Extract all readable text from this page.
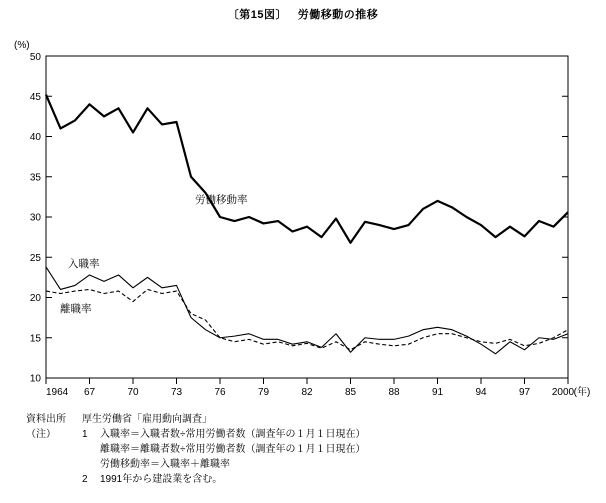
〔第15図〕 労働移動の推移
(%)
50
45
40
35
30
25
20
15
10
1964 67	70	73	76	79	82	85	88	91	94	97 2000 (年)
労働移動率
入職率
離職率
資料出所	厚生労働省「雇用動向調査」
（注）	1	入職率＝入職者数÷常用労働者数（調査年の１月１日現在）
離職率＝離職者数÷常用労働者数（調査年の１月１日現在）
労働移動率＝入職率＋離職率
2	1991年から建設業を含む。
